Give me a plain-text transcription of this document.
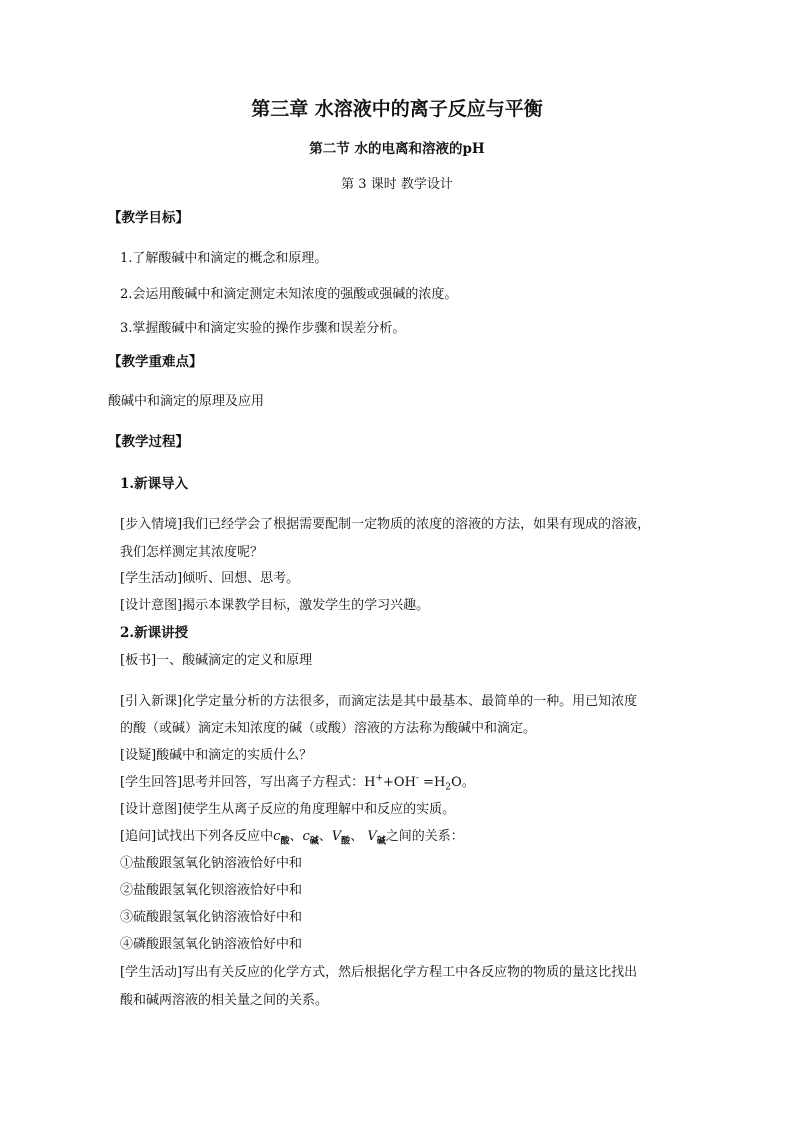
第三章 水溶液中的离子反应与平衡
第二节 水的电离和溶液的pH
第 3 课时 教学设计
【教学目标】
1.了解酸碱中和滴定的概念和原理。
2.会运用酸碱中和滴定测定未知浓度的强酸或强碱的浓度。
3.掌握酸碱中和滴定实验的操作步骤和误差分析。
【教学重难点】
酸碱中和滴定的原理及应用
【教学过程】
1.新课导入
[步入情境]我们已经学会了根据需要配制一定物质的浓度的溶液的方法，如果有现成的溶液，
我们怎样测定其浓度呢？
[学生活动]倾听、回想、思考。
[设计意图]揭示本课教学目标，激发学生的学习兴趣。
2.新课讲授
[板书]一、酸碱滴定的定义和原理
[引入新课]化学定量分析的方法很多，而滴定法是其中最基本、最简单的一种。用已知浓度
的酸（或碱）滴定未知浓度的碱（或酸）溶液的方法称为酸碱中和滴定。
[设疑]酸碱中和滴定的实质什么？
[学生回答]思考并回答，写出离子方程式：$H^++OH^- =H_2O$。
[设计意图]使学生从离子反应的角度理解中和反应的实质。
[追问]试找出下列各反应中$c_酸$、$c_碱$、$V_酸$、 $V_碱$之间的关系：
①盐酸跟氢氧化钠溶液恰好中和
②盐酸跟氢氧化钡溶液恰好中和
③硫酸跟氢氧化钠溶液恰好中和
④磷酸跟氢氧化钠溶液恰好中和
[学生活动]写出有关反应的化学方式，然后根据化学方程工中各反应物的物质的量这比找出
酸和碱两溶液的相关量之间的关系。
